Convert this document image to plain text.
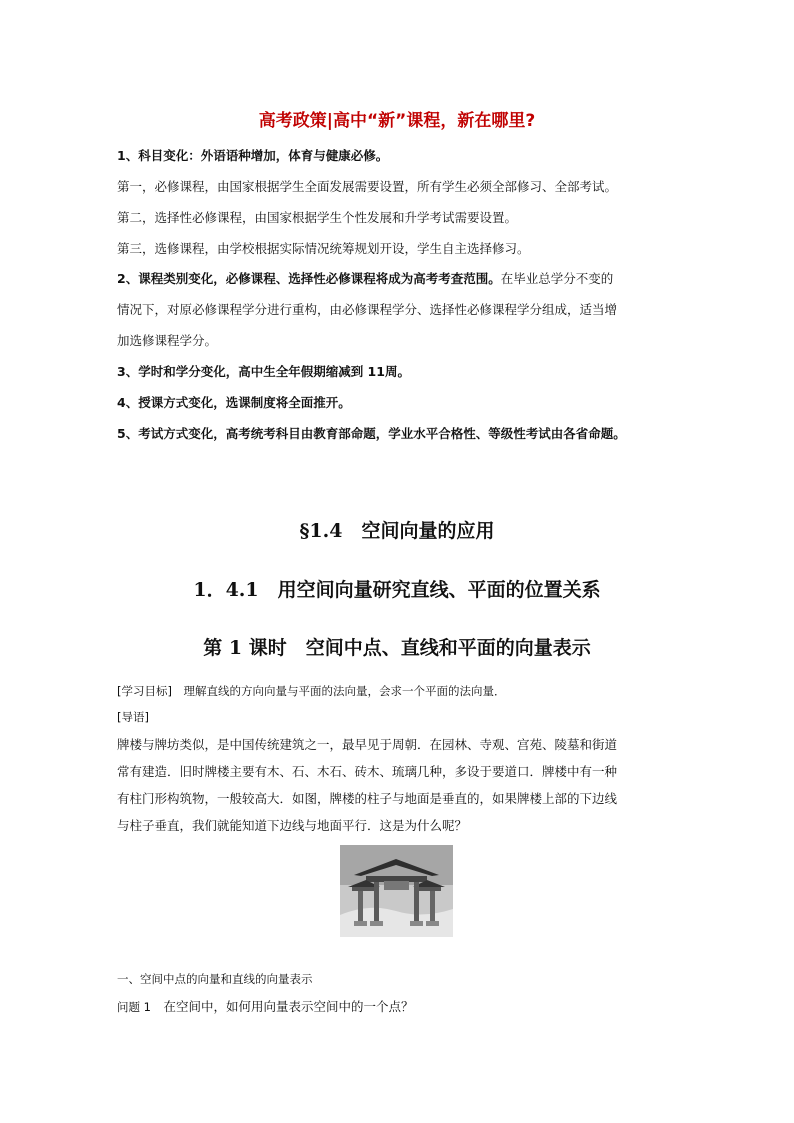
高考政策|高中“新”课程，新在哪里?
1、科目变化：外语语种增加，体育与健康必修。
第一，必修课程，由国家根据学生全面发展需要设置，所有学生必须全部修习、全部考试。
第二，选择性必修课程，由国家根据学生个性发展和升学考试需要设置。
第三，选修课程，由学校根据实际情况统筹规划开设，学生自主选择修习。
2、课程类别变化，必修课程、选择性必修课程将成为高考考查范围。在毕业总学分不变的
情况下，对原必修课程学分进行重构，由必修课程学分、选择性必修课程学分组成，适当增
加选修课程学分。
3、学时和学分变化，高中生全年假期缩减到 11周。
4、授课方式变化，选课制度将全面推开。
5、考试方式变化，高考统考科目由教育部命题，学业水平合格性、等级性考试由各省命题。
§1.4　空间向量的应用
1．4.1　用空间向量研究直线、平面的位置关系
第 1 课时　空间中点、直线和平面的向量表示
[学习目标]　 理解直线的方向向量与平面的法向量，会求一个平面的法向量．
[导语]
牌楼与牌坊类似，是中国传统建筑之一，最早见于周朝．在园林、寺观、宫苑、陵墓和街道
常有建造．旧时牌楼主要有木、石、木石、砖木、琉璃几种，多设于要道口．牌楼中有一种
有柱门形构筑物，一般较高大．如图，牌楼的柱子与地面是垂直的，如果牌楼上部的下边线
与柱子垂直，我们就能知道下边线与地面平行．这是为什么呢？
一、空间中点的向量和直线的向量表示
问题 1　 在空间中，如何用向量表示空间中的一个点？
